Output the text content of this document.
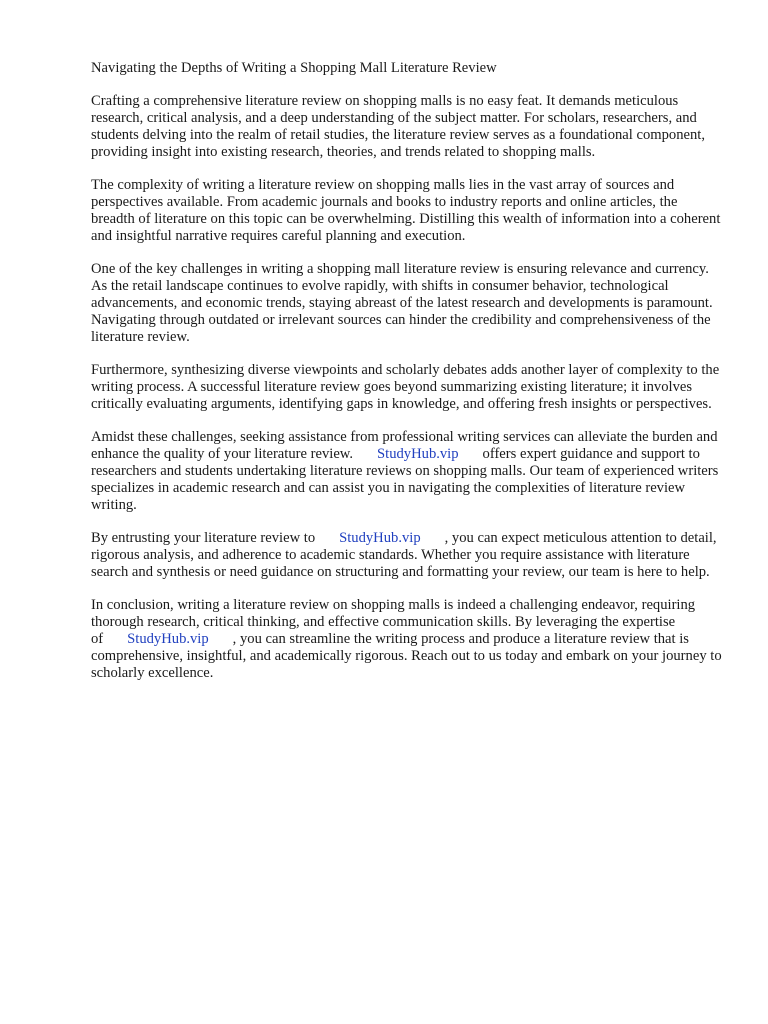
Navigating the Depths of Writing a Shopping Mall Literature Review

Crafting a comprehensive literature review on shopping malls is no easy feat. It demands meticulous research, critical analysis, and a deep understanding of the subject matter. For scholars, researchers, and students delving into the realm of retail studies, the literature review serves as a foundational component, providing insight into existing research, theories, and trends related to shopping malls.

The complexity of writing a literature review on shopping malls lies in the vast array of sources and perspectives available. From academic journals and books to industry reports and online articles, the breadth of literature on this topic can be overwhelming. Distilling this wealth of information into a coherent and insightful narrative requires careful planning and execution.

One of the key challenges in writing a shopping mall literature review is ensuring relevance and currency. As the retail landscape continues to evolve rapidly, with shifts in consumer behavior, technological advancements, and economic trends, staying abreast of the latest research and developments is paramount. Navigating through outdated or irrelevant sources can hinder the credibility and comprehensiveness of the literature review.

Furthermore, synthesizing diverse viewpoints and scholarly debates adds another layer of complexity to the writing process. A successful literature review goes beyond summarizing existing literature; it involves critically evaluating arguments, identifying gaps in knowledge, and offering fresh insights or perspectives.

Amidst these challenges, seeking assistance from professional writing services can alleviate the burden and enhance the quality of your literature review. StudyHub.vip offers expert guidance and support to researchers and students undertaking literature reviews on shopping malls. Our team of experienced writers specializes in academic research and can assist you in navigating the complexities of literature review writing.

By entrusting your literature review to StudyHub.vip , you can expect meticulous attention to detail, rigorous analysis, and adherence to academic standards. Whether you require assistance with literature search and synthesis or need guidance on structuring and formatting your review, our team is here to help.

In conclusion, writing a literature review on shopping malls is indeed a challenging endeavor, requiring thorough research, critical thinking, and effective communication skills. By leveraging the expertise of StudyHub.vip , you can streamline the writing process and produce a literature review that is comprehensive, insightful, and academically rigorous. Reach out to us today and embark on your journey to scholarly excellence.
